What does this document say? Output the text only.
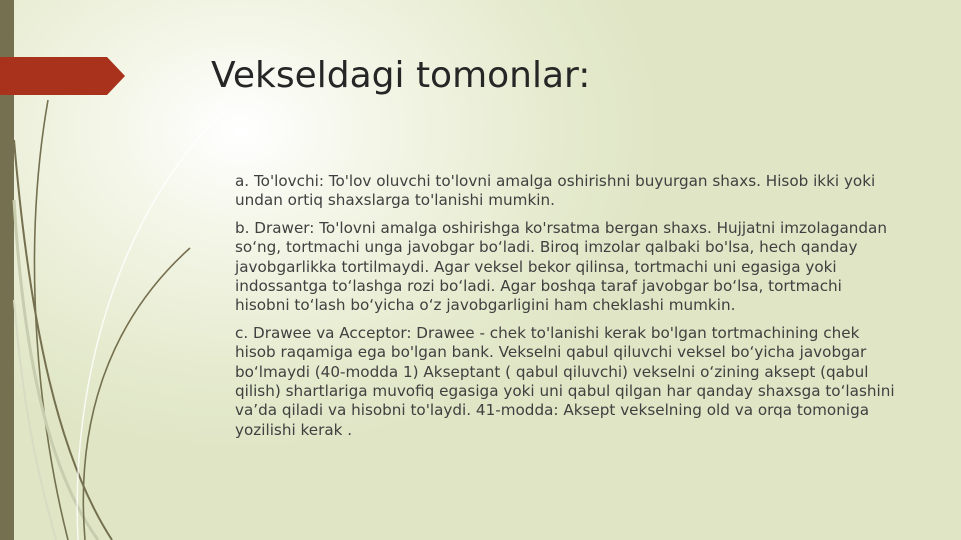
Vekseldagi tomonlar:
a. To'lovchi: To'lov oluvchi to'lovni amalga oshirishni buyurgan shaxs. Hisob ikki yoki undan ortiq shaxslarga to'lanishi mumkin.
b. Drawer: To'lovni amalga oshirishga ko'rsatma bergan shaxs. Hujjatni imzolagandan so‘ng, tortmachi unga javobgar bo‘ladi. Biroq imzolar qalbaki bo'lsa, hech qanday javobgarlikka tortilmaydi. Agar veksel bekor qilinsa, tortmachi uni egasiga yoki indossantga to‘lashga rozi bo‘ladi. Agar boshqa taraf javobgar bo‘lsa, tortmachi hisobni to‘lash bo‘yicha o‘z javobgarligini ham cheklashi mumkin.
c. Drawee va Acceptor: Drawee - chek to'lanishi kerak bo'lgan tortmachining chek hisob raqamiga ega bo'lgan bank. Vekselni qabul qiluvchi veksel bo‘yicha javobgar bo‘lmaydi (40-modda 1) Akseptant ( qabul qiluvchi) vekselni o‘zining aksept (qabul qilish) shartlariga muvofiq egasiga yoki uni qabul qilgan har qanday shaxsga to‘lashini va’da qiladi va hisobni to'laydi. 41-modda: Aksept vekselning old va orqa tomoniga yozilishi kerak .
